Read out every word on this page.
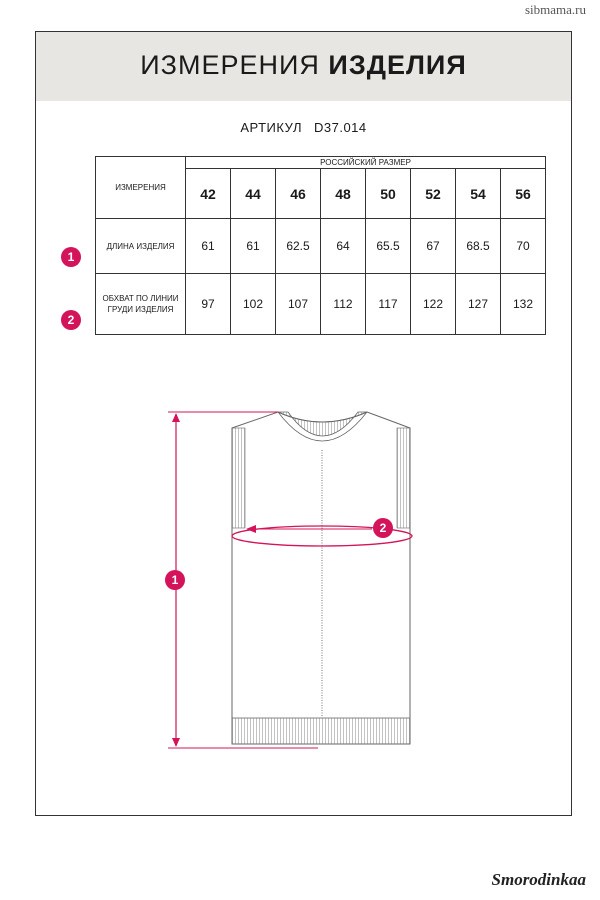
sibmama.ru
ИЗМЕРЕНИЯ ИЗДЕЛИЯ
АРТИКУЛ D37.014
ИЗМЕРЕНИЯ	РОССИЙСКИЙ РАЗМЕР							
	42	44	46	48	50	52	54	56
ДЛИНА ИЗДЕЛИЯ	61	61	62.5	64	65.5	67	68.5	70
ОБХВАТ ПО ЛИНИИ ГРУДИ ИЗДЕЛИЯ	97	102	107	112	117	122	127	132
1
2
1
2
Smorodinkaa
